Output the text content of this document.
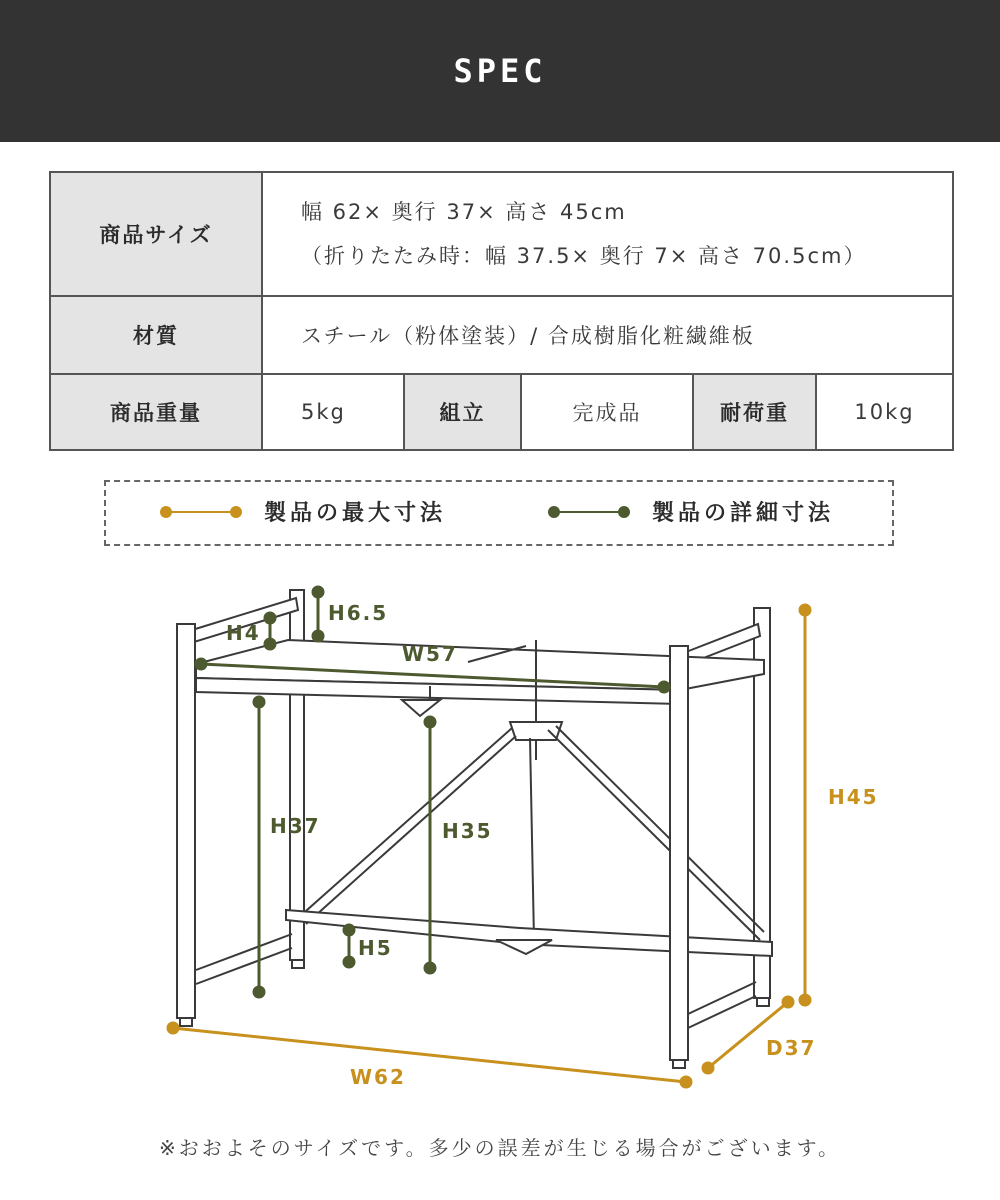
SPEC
商品サイズ	幅 62× 奥行 37× 高さ 45cm
（折りたたみ時：幅 37.5× 奥行 7× 高さ 70.5cm）				

材質	スチール（粉体塗装）/ 合成樹脂化粧繊維板				
商品重量	5kg	組立	完成品	耐荷重	10kg
製品の最大寸法	製品の詳細寸法
H6.5
H4
W57
H37	H35
H5
H45
D37
W62
※おおよそのサイズです。多少の誤差が生じる場合がございます。
